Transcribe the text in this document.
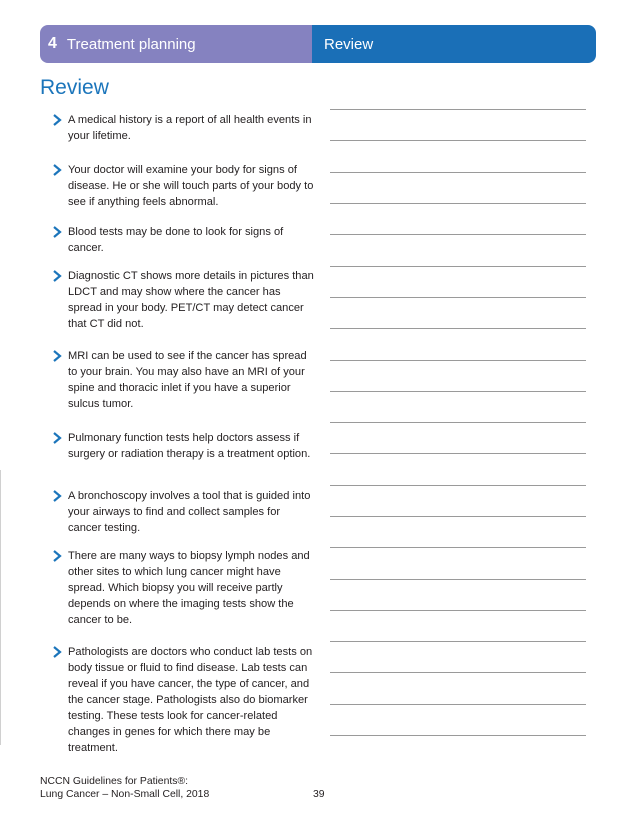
4 Treatment planning	Review
Review
A medical history is a report of all health events in your lifetime.
Your doctor will examine your body for signs of disease. He or she will touch parts of your body to see if anything feels abnormal.
Blood tests may be done to look for signs of cancer.
Diagnostic CT shows more details in pictures than LDCT and may show where the cancer has spread in your body. PET/CT may detect cancer that CT did not.
MRI can be used to see if the cancer has spread to your brain. You may also have an MRI of your spine and thoracic inlet if you have a superior sulcus tumor.
Pulmonary function tests help doctors assess if surgery or radiation therapy is a treatment option.
A bronchoscopy involves a tool that is guided into your airways to find and collect samples for cancer testing.
There are many ways to biopsy lymph nodes and other sites to which lung cancer might have spread. Which biopsy you will receive partly depends on where the imaging tests show the cancer to be.
Pathologists are doctors who conduct lab tests on body tissue or fluid to find disease. Lab tests can reveal if you have cancer, the type of cancer, and the cancer stage. Pathologists also do biomarker testing. These tests look for cancer-related changes in genes for which there may be treatment.
NCCN Guidelines for Patients®:
Lung Cancer – Non-Small Cell, 2018	39
